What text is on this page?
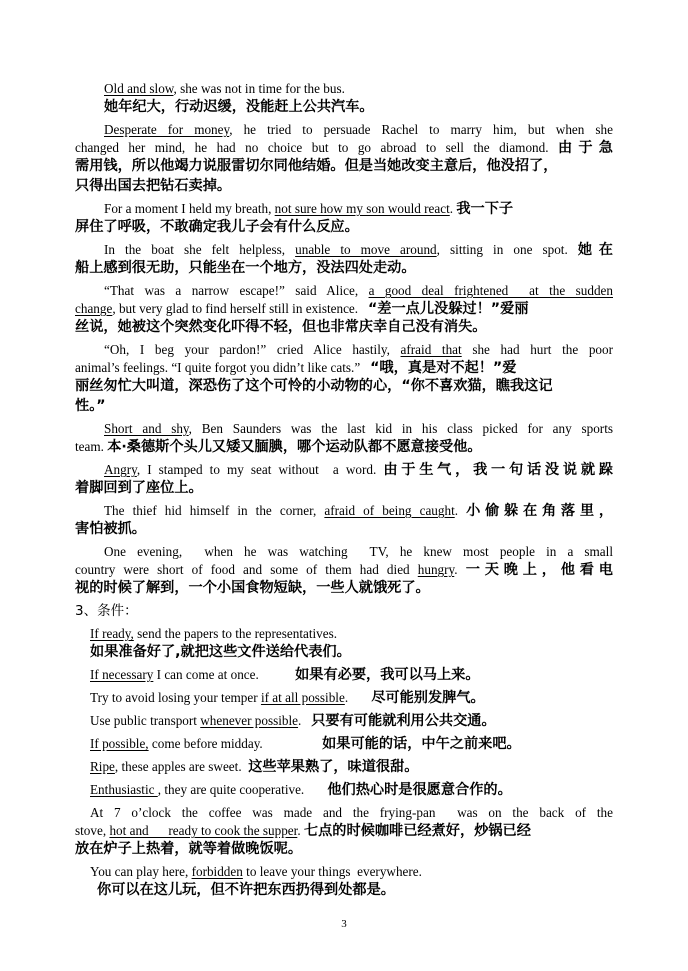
Old and slow, she was not in time for the bus.
她年纪大，行动迟缓，没能赶上公共汽车。
Desperate for money, he tried to persuade Rachel to marry him, but when she
changed her mind, he had no choice but to go abroad to sell the diamond. 由于急
需用钱，所以他竭力说服雷切尔同他结婚。但是当她改变主意后，他没招了，
只得出国去把钻石卖掉。
For a moment I held my breath, not sure how my son would react. 我一下子
屏住了呼吸，不敢确定我儿子会有什么反应。
In the boat she felt helpless, unable to move around, sitting in one spot. 她在
船上感到很无助，只能坐在一个地方，没法四处走动。
“That was a narrow escape!” said Alice, a good deal frightened  at the sudden
change, but very glad to find herself still in existence.   “差一点儿没躲过！”爱丽
丝说，她被这个突然变化吓得不轻，但也非常庆幸自己没有消失。
“Oh, I beg your pardon!” cried Alice hastily, afraid that she had hurt the poor
animal’s feelings. “I quite forgot you didn’t like cats.”   “哦，真是对不起！”爱
丽丝匆忙大叫道，深恐伤了这个可怜的小动物的心，“你不喜欢猫，瞧我这记
性。”
Short and shy, Ben Saunders was the last kid in his class picked for any sports
team. 本·桑德斯个头儿又矮又腼腆，哪个运动队都不愿意接受他。
Angry, I stamped to my seat without  a word. 由于生气，我一句话没说就跺
着脚回到了座位上。
The thief hid himself in the corner, afraid of being caught. 小偷躲在角落里，
害怕被抓。
One evening,  when he was watching  TV, he knew most people in a small
country were short of food and some of them had died hungry. 一天晚上，他看电
视的时候了解到，一个小国食物短缺，一些人就饿死了。
3、条件：
If ready, send the papers to the representatives.
如果准备好了,就把这些文件送给代表们。
If necessary I can come at once.           如果有必要，我可以马上来。
Try to avoid losing your temper if at all possible.       尽可能别发脾气。
Use public transport whenever possible.   只要有可能就利用公共交通。
If possible, come before midday.                  如果可能的话，中午之前来吧。
Ripe, these apples are sweet.  这些苹果熟了，味道很甜。
Enthusiastic , they are quite cooperative.       他们热心时是很愿意合作的。
At 7 o’clock the coffee was made and the frying-pan  was on the back of the
stove, hot and      ready to cook the supper. 七点的时候咖啡已经煮好，炒锅已经
放在炉子上热着，就等着做晚饭呢。
You can play here, forbidden to leave your things  everywhere.
你可以在这儿玩，但不许把东西扔得到处都是。
3
